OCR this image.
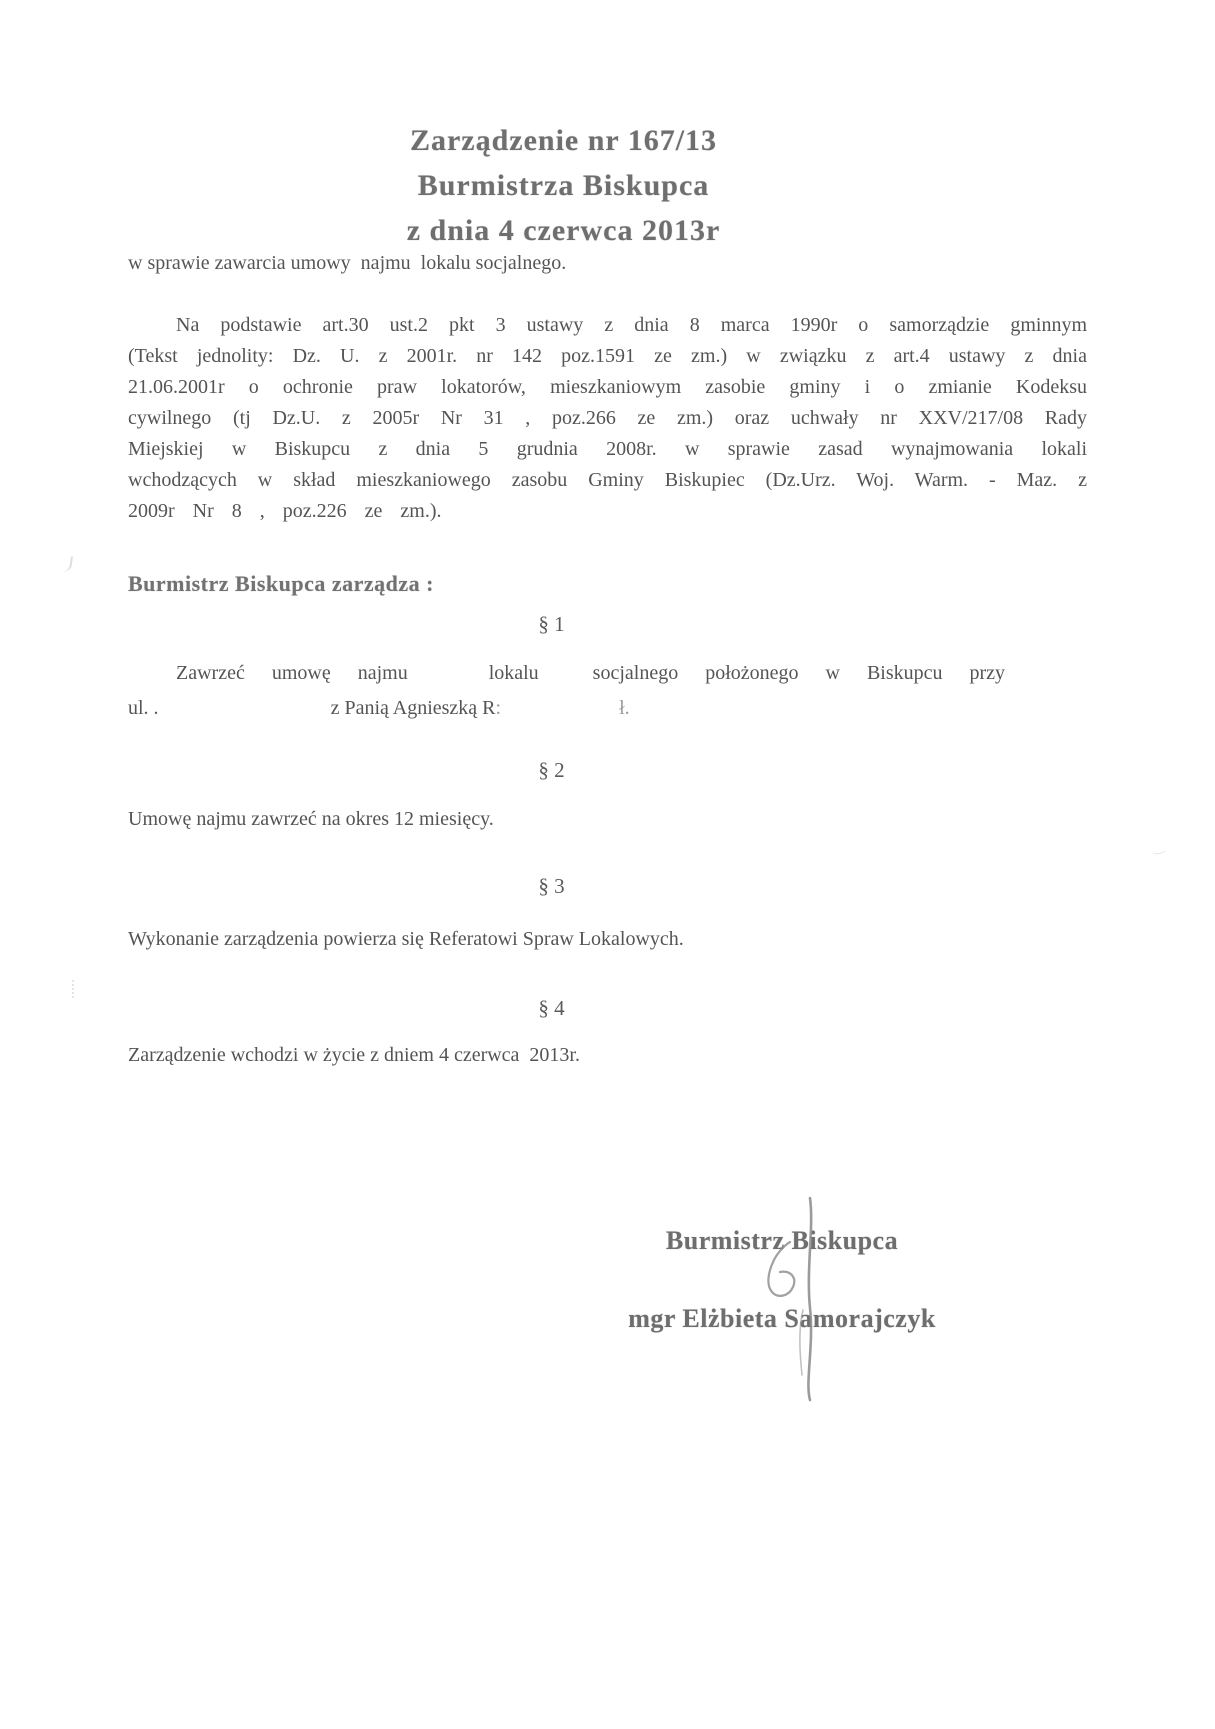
Zarządzenie nr 167/13
Burmistrza Biskupca
z dnia 4 czerwca 2013r
w sprawie zawarcia umowy  najmu  lokalu socjalnego.

Na podstawie art.30 ust.2 pkt 3 ustawy z dnia 8 marca 1990r o samorządzie gminnym (Tekst jednolity: Dz. U. z 2001r. nr 142 poz.1591 ze zm.) w związku z art.4 ustawy z dnia 21.06.2001r o ochronie praw lokatorów, mieszkaniowym zasobie gminy i o zmianie Kodeksu cywilnego (tj Dz.U. z 2005r Nr 31 , poz.266 ze zm.) oraz uchwały nr XXV/217/08 Rady Miejskiej w Biskupcu z dnia 5 grudnia 2008r. w sprawie zasad wynajmowania lokali wchodzących w skład mieszkaniowego zasobu Gminy Biskupiec (Dz.Urz. Woj. Warm. - Maz. z 2009r Nr 8 , poz.226 ze zm.).

Burmistrz Biskupca zarządza :
§ 1
Zawrzeć umowę najmu   lokalu  socjalnego położonego w Biskupcu przy
ul. .	z Panią Agnieszką R:	ł.
§ 2
Umowę najmu zawrzeć na okres 12 miesięcy.
§ 3
Wykonanie zarządzenia powierza się Referatowi Spraw Lokalowych.
§ 4
Zarządzenie wchodzi w życie z dniem 4 czerwca  2013r.
Burmistrz Biskupca
mgr Elżbieta Samorajczyk
